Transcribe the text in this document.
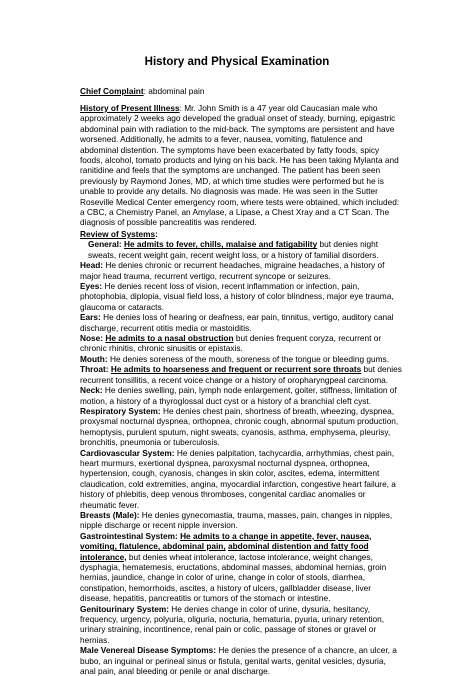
History and Physical Examination

Chief Complaint: abdominal pain

History of Present Illness: Mr. John Smith is a 47 year old Caucasian male who approximately 2 weeks ago developed the gradual onset of steady, burning, epigastric abdominal pain with radiation to the mid-back. The symptoms are persistent and have worsened. Additionally, he admits to a fever, nausea, vomiting, flatulence and abdominal distention. The symptoms have been exacerbated by fatty foods, spicy foods, alcohol, tomato products and lying on his back. He has been taking Mylanta and ranitidine and feels that the symptoms are unchanged. The patient has been seen previously by Raymond Jones, MD, at which time studies were performed but he is unable to provide any details. No diagnosis was made. He was seen in the Sutter Roseville Medical Center emergency room, where tests were obtained, which included: a CBC, a Chemistry Panel, an Amylase, a Lipase, a Chest Xray and a CT Scan. The diagnosis of possible pancreatitis was rendered.

Review of Systems:

General: He admits to fever, chills, malaise and fatigability but denies night sweats, recent weight gain, recent weight loss, or a history of familial disorders.

Head: He denies chronic or recurrent headaches, migraine headaches, a history of major head trauma, recurrent vertigo, recurrent syncope or seizures.

Eyes: He denies recent loss of vision, recent inflammation or infection, pain, photophobia, diplopia, visual field loss, a history of color blindness, major eye trauma, glaucoma or cataracts.

Ears: He denies loss of hearing or deafness, ear pain, tinnitus, vertigo, auditory canal discharge, recurrent otitis media or mastoiditis.

Nose: He admits to a nasal obstruction but denies frequent coryza, recurrent or chronic rhinitis, chronic sinusitis or epistaxis.

Mouth: He denies soreness of the mouth, soreness of the tongue or bleeding gums.

Throat: He admits to hoarseness and frequent or recurrent sore throats but denies recurrent tonsillitis, a recent voice change or a history of oropharyngpeal carcinoma.

Neck: He denies swelling, pain, lymph node enlargement, goiter, stiffness, limitation of motion, a history of a thyroglossal duct cyst or a history of a branchial cleft cyst.

Respiratory System: He denies chest pain, shortness of breath, wheezing, dyspnea, proxysmal nocturnal dyspnea, orthopnea, chronic cough, abnormal sputum production, hemoptysis, purulent sputum, night sweats, cyanosis, asthma, emphysema, pleurisy, bronchitis, pneumonia or tuberculosis.

Cardiovascular System: He denies palpitation, tachycardia, arrhythmias, chest pain, heart murmurs, exertional dyspnea, paroxysmal nocturnal dyspnea, orthopnea, hypertension, cough, cyanosis, changes in skin color, ascites, edema, intermittent claudication, cold extremities, angina, myocardial infarction, congestive heart failure, a history of phlebitis, deep venous thromboses, congenital cardiac anomalies or rheumatic fever.

Breasts (Male): He denies gynecomastia, trauma, masses, pain, changes in nipples, nipple discharge or recent nipple inversion.

Gastrointestinal System: He admits to a change in appetite, fever, nausea, vomiting, flatulence, abdominal pain, abdominal distention and fatty food intolerance, but denies wheat intolerance, lactose intolerance, weight changes, dysphagia, hematemesis, eructations, abdominal masses, abdominal hernias, groin hernias, jaundice, change in color of urine, change in color of stools, diarrhea, constipation, hemorrhoids, ascites, a history of ulcers, gallbladder disease, liver disease, hepatitis, pancreatitis or tumors of the stomach or intestine.

Genitourinary System: He denies change in color of urine, dysuria, hesitancy, frequency, urgency, polyuria, oliguria, nocturia, hematuria, pyuria, urinary retention, urinary straining, incontinence, renal pain or colic, passage of stones or gravel or hernias.

Male Venereal Disease Symptoms: He denies the presence of a chancre, an ulcer, a bubo, an inguinal or perineal sinus or fistula, genital warts, genital vesicles, dysuria, anal pain, anal bleeding or penile or anal discharge.
